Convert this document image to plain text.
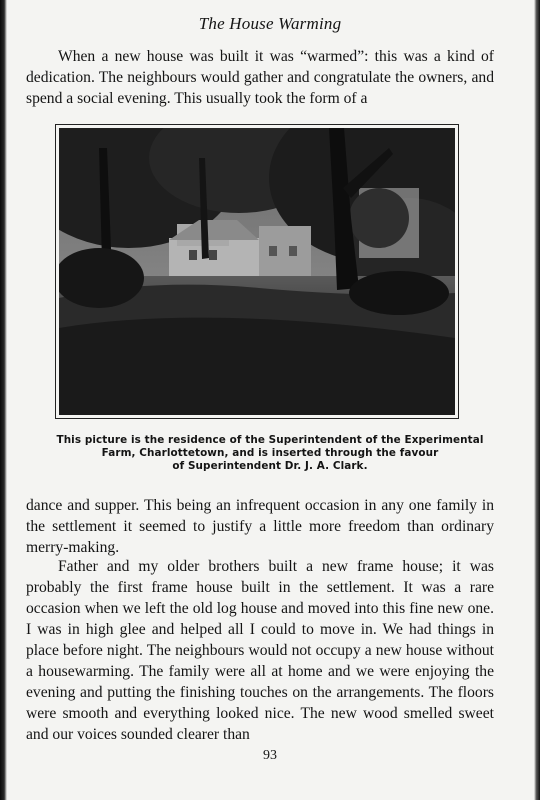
The House Warming

When a new house was built it was “warmed”: this was a kind of dedication. The neighbours would gather and congratulate the owners, and spend a social evening. This usually took the form of a

This picture is the residence of the Superintendent of the Experimental
Farm, Charlottetown, and is inserted through the favour
of Superintendent Dr. J. A. Clark.

dance and supper. This being an infrequent occasion in any one family in the settlement it seemed to justify a little more freedom than ordinary merry-making.

Father and my older brothers built a new frame house; it was probably the first frame house built in the settlement. It was a rare occasion when we left the old log house and moved into this fine new one. I was in high glee and helped all I could to move in. We had things in place before night. The neighbours would not occupy a new house without a housewarming. The family were all at home and we were enjoying the evening and putting the finishing touches on the arrangements. The floors were smooth and everything looked nice. The new wood smelled sweet and our voices sounded clearer than

93
